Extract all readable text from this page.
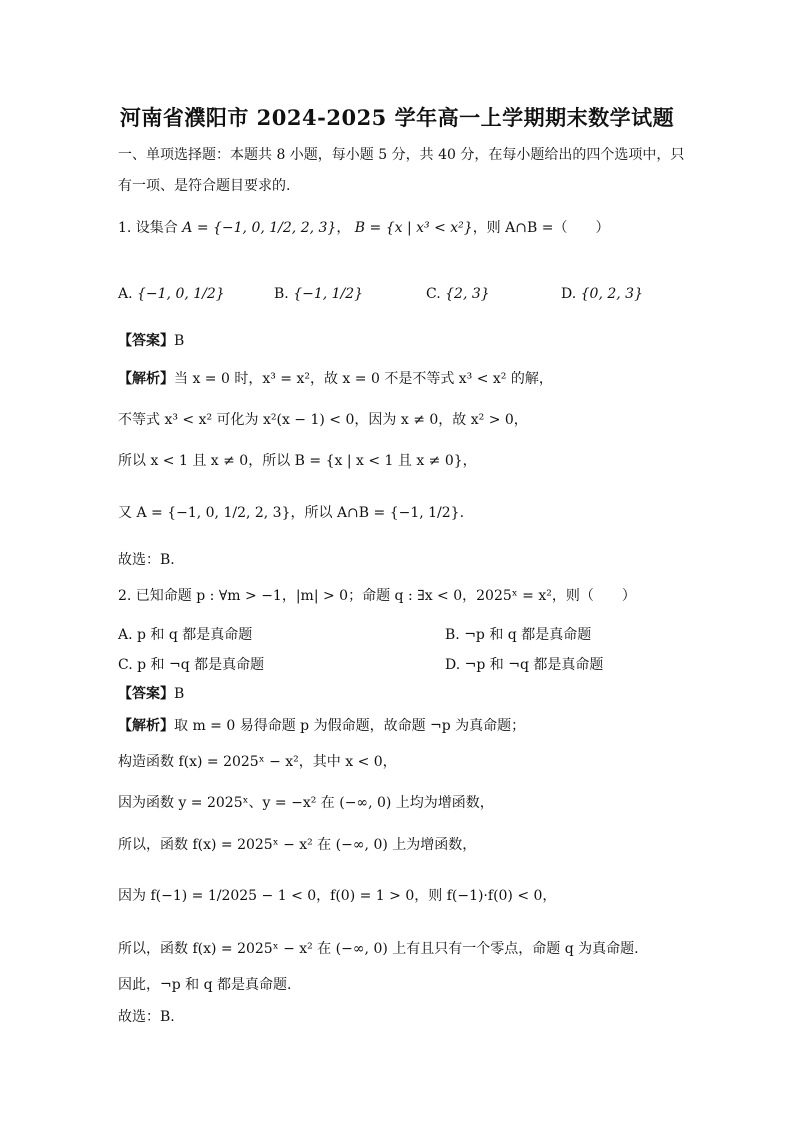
河南省濮阳市 2024-2025 学年高一上学期期末数学试题
一、单项选择题：本题共 8 小题，每小题 5 分，共 40 分，在每小题给出的四个选项中，只
有一项、是符合题目要求的.
1. 设集合 A = {−1, 0, 1/2, 2, 3}， B = {x | x³ < x²}，则 A∩B =（　　）
A. {−1, 0, 1/2}	B. {−1, 1/2}	C. {2, 3}	D. {0, 2, 3}
【答案】B
【解析】当 x = 0 时，x³ = x²，故 x = 0 不是不等式 x³ < x² 的解，
不等式 x³ < x² 可化为 x²(x − 1) < 0，因为 x ≠ 0，故 x² > 0，
所以 x < 1 且 x ≠ 0，所以 B = {x | x < 1 且 x ≠ 0}，
又 A = {−1, 0, 1/2, 2, 3}，所以 A∩B = {−1, 1/2}.
故选：B.
2. 已知命题 p : ∀m > −1，|m| > 0；命题 q : ∃x < 0，2025ˣ = x²，则（　　）
A. p 和 q 都是真命题	B. ¬p 和 q 都是真命题
C. p 和 ¬q 都是真命题	D. ¬p 和 ¬q 都是真命题
【答案】B
【解析】取 m = 0 易得命题 p 为假命题，故命题 ¬p 为真命题；
构造函数 f(x) = 2025ˣ − x²，其中 x < 0，
因为函数 y = 2025ˣ、y = −x² 在 (−∞, 0) 上均为增函数，
所以，函数 f(x) = 2025ˣ − x² 在 (−∞, 0) 上为增函数，
因为 f(−1) = 1/2025 − 1 < 0，f(0) = 1 > 0，则 f(−1)·f(0) < 0，
所以，函数 f(x) = 2025ˣ − x² 在 (−∞, 0) 上有且只有一个零点，命题 q 为真命题.
因此，¬p 和 q 都是真命题.
故选：B.
